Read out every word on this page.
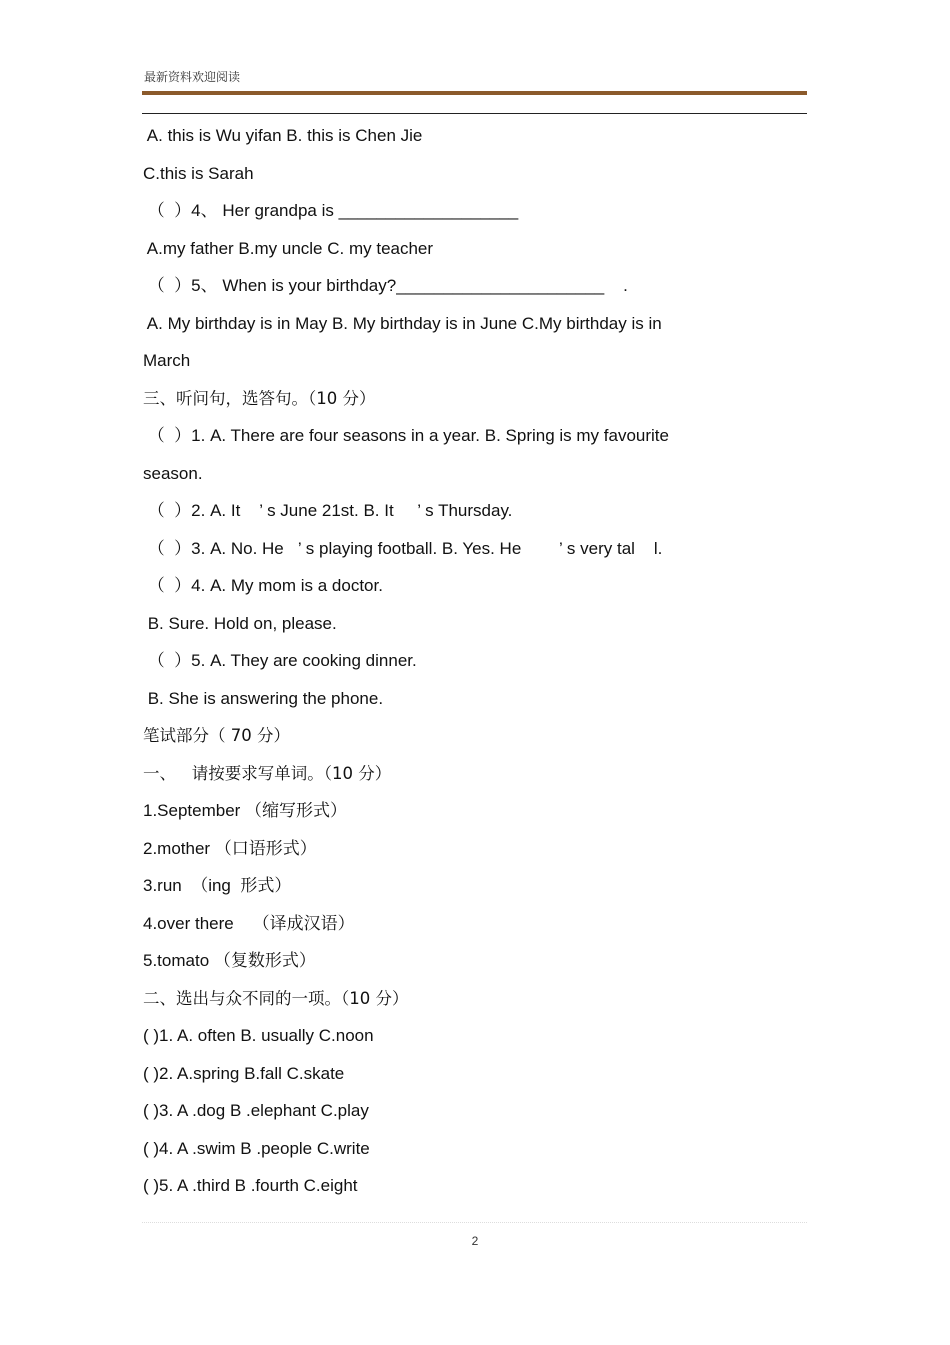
最新资料欢迎阅读
A. this is Wu yifan B. this is Chen Jie
C.this is Sarah
（  ）4、 Her grandpa is ___________________
A.my father B.my uncle C. my teacher
（  ）5、 When is your birthday?______________________    .
A. My birthday is in May B. My birthday is in June C.My birthday is in
March
三、听问句，选答句。（10 分）
（  ）1. A. There are four seasons in a year. B. Spring is my favourite
season.
（  ）2. A. It    ’ s June 21st. B. It     ’ s Thursday.
（  ）3. A. No. He   ’ s playing football. B. Yes. He        ’ s very tal    l.
（  ）4. A. My mom is a doctor.
B. Sure. Hold on, please.
（  ）5. A. They are cooking dinner.
B. She is answering the phone.
笔试部分（ 70 分）
一、   请按要求写单词。（10 分）
1.September （缩写形式）
2.mother （口语形式）
3.run  （ing  形式）
4.over there    （译成汉语）
5.tomato （复数形式）
二、选出与众不同的一项。（10 分）
( )1. A. often B. usually C.noon
( )2. A.spring B.fall C.skate
( )3. A .dog B .elephant C.play
( )4. A .swim B .people C.write
( )5. A .third B .fourth C.eight
2
